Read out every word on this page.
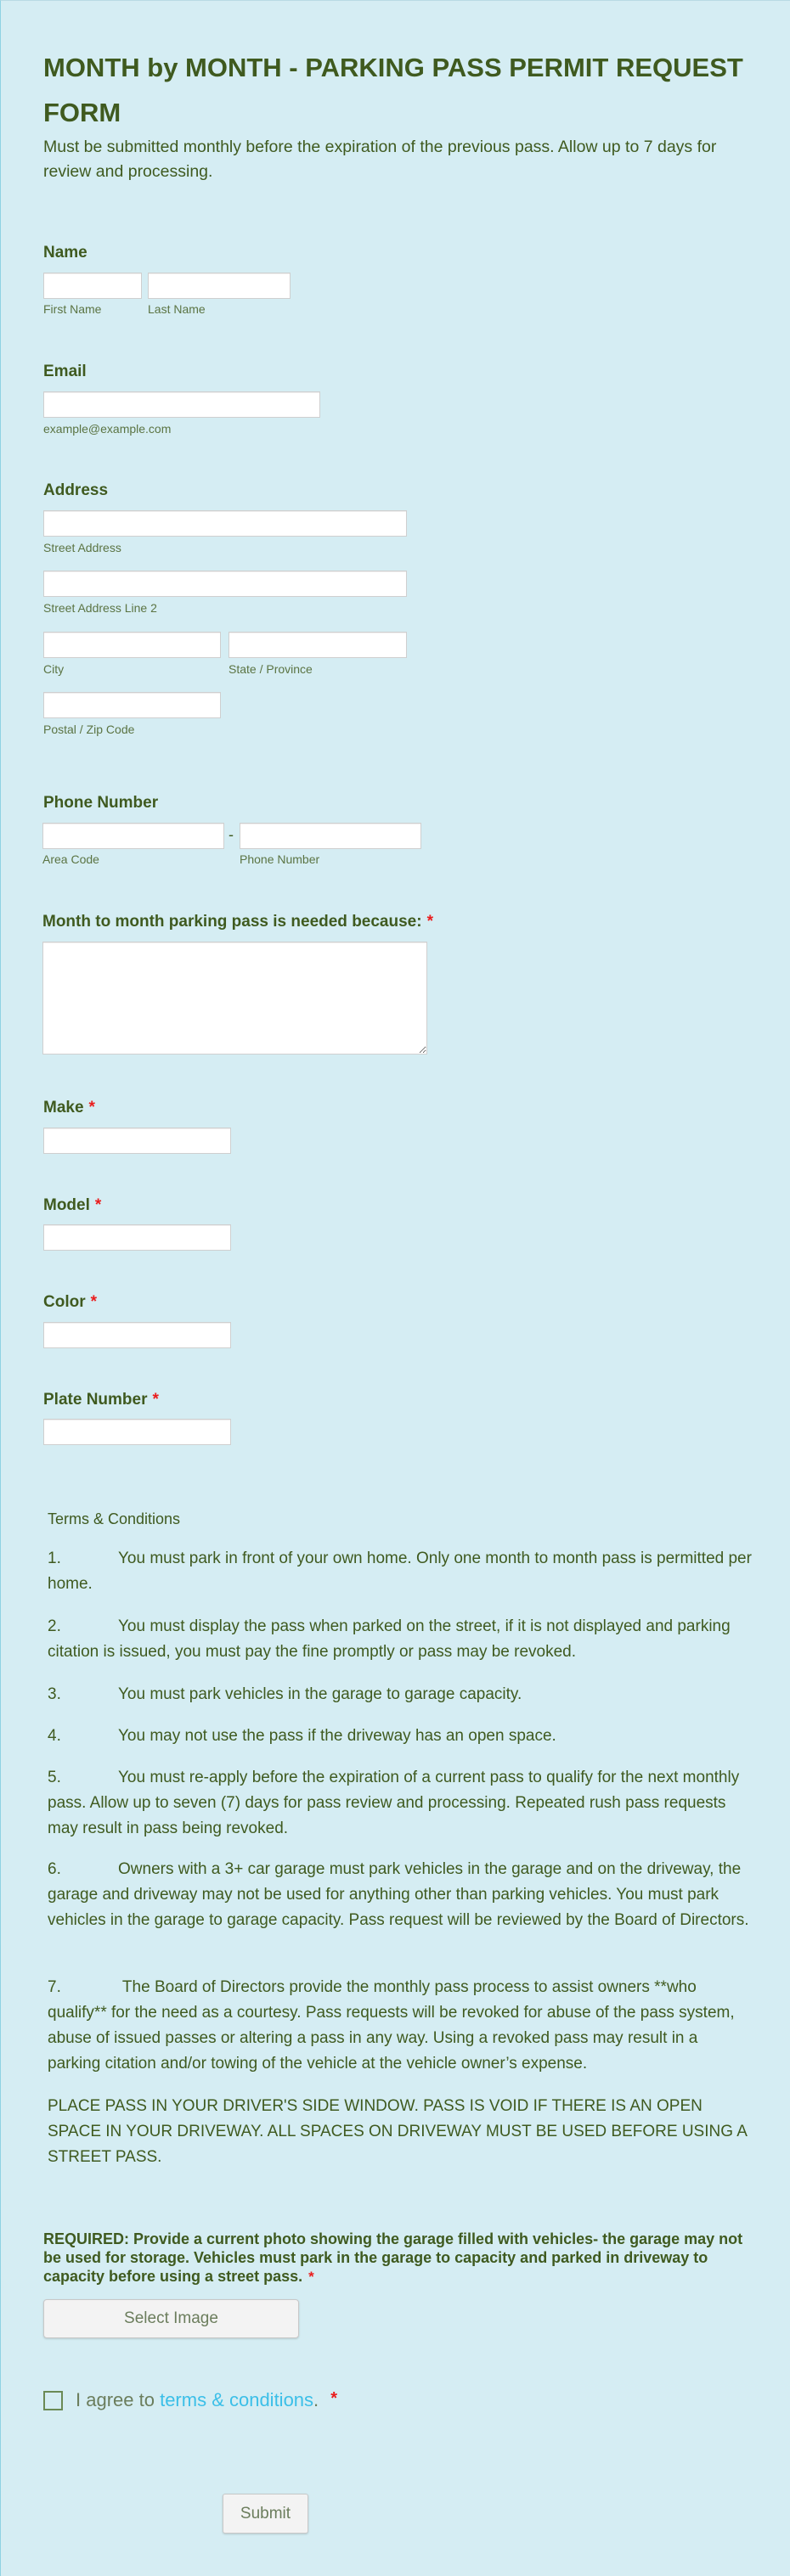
MONTH by MONTH - PARKING PASS PERMIT REQUEST FORM
Must be submitted monthly before the expiration of the previous pass. Allow up to 7 days for review and processing.
Name
First Name	Last Name
Email
example@example.com
Address
Street Address
Street Address Line 2
City	State / Province
Postal / Zip Code
Phone Number
-
Area Code	Phone Number
Month to month parking pass is needed because: *
Make *
Model *
Color *
Plate Number *
Terms & Conditions

1.	You must park in front of your own home. Only one month to month pass is permitted per home.

2.	You must display the pass when parked on the street, if it is not displayed and parking citation is issued, you must pay the fine promptly or pass may be revoked.

3.	You must park vehicles in the garage to garage capacity.

4.	You may not use the pass if the driveway has an open space.

5.	You must re-apply before the expiration of a current pass to qualify for the next monthly pass. Allow up to seven (7) days for pass review and processing. Repeated rush pass requests may result in pass being revoked.

6.	Owners with a 3+ car garage must park vehicles in the garage and on the driveway, the garage and driveway may not be used for anything other than parking vehicles. You must park vehicles in the garage to garage capacity. Pass request will be reviewed by the Board of Directors.

7.	The Board of Directors provide the monthly pass process to assist owners **who qualify** for the need as a courtesy. Pass requests will be revoked for abuse of the pass system, abuse of issued passes or altering a pass in any way. Using a revoked pass may result in a parking citation and/or towing of the vehicle at the vehicle owner’s expense.

PLACE PASS IN YOUR DRIVER'S SIDE WINDOW. PASS IS VOID IF THERE IS AN OPEN SPACE IN YOUR DRIVEWAY. ALL SPACES ON DRIVEWAY MUST BE USED BEFORE USING A STREET PASS.
REQUIRED: Provide a current photo showing the garage filled with vehicles- the garage may not be used for storage. Vehicles must park in the garage to capacity and parked in driveway to capacity before using a street pass. *
Select Image
I agree to terms & conditions. *
Submit
